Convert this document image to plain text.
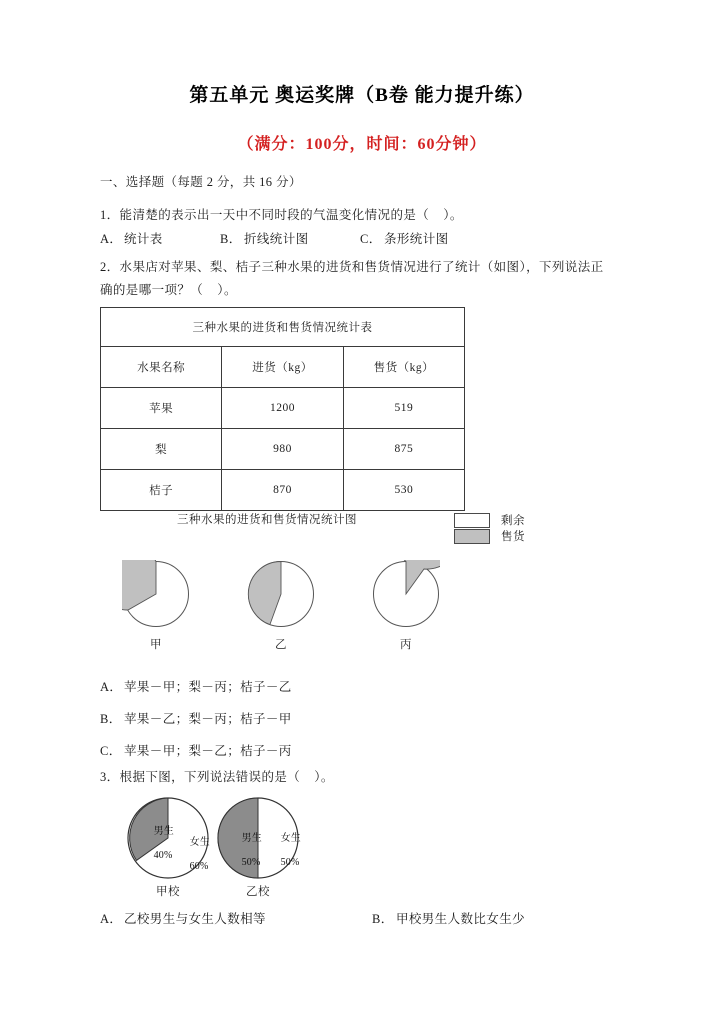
第五单元 奥运奖牌（B卷 能力提升练）
（满分：100分，时间：60分钟）
一、选择题（每题 2 分，共 16 分）
1．能清楚的表示出一天中不同时段的气温变化情况的是（    ）。
A． 统计表	B． 折线统计图	C． 条形统计图
2．水果店对苹果、梨、桔子三种水果的进货和售货情况进行了统计（如图），下列说法正
确的是哪一项？（    ）。
三种水果的进货和售货情况统计表		
水果名称	进货（kg）	售货（kg）
苹果	1200	519
梨	980	875
桔子	870	530
三种水果的进货和售货情况统计图	剩余
售货
甲	乙	丙
A． 苹果－甲；梨－丙；桔子－乙
B． 苹果－乙；梨－丙；桔子－甲
C． 苹果－甲；梨－乙；桔子－丙
3．根据下图，下列说法错误的是（    ）。

男生

40%

女生

60%

甲校

男生

50%

女生

50%

乙校
A． 乙校男生与女生人数相等	B． 甲校男生人数比女生少
